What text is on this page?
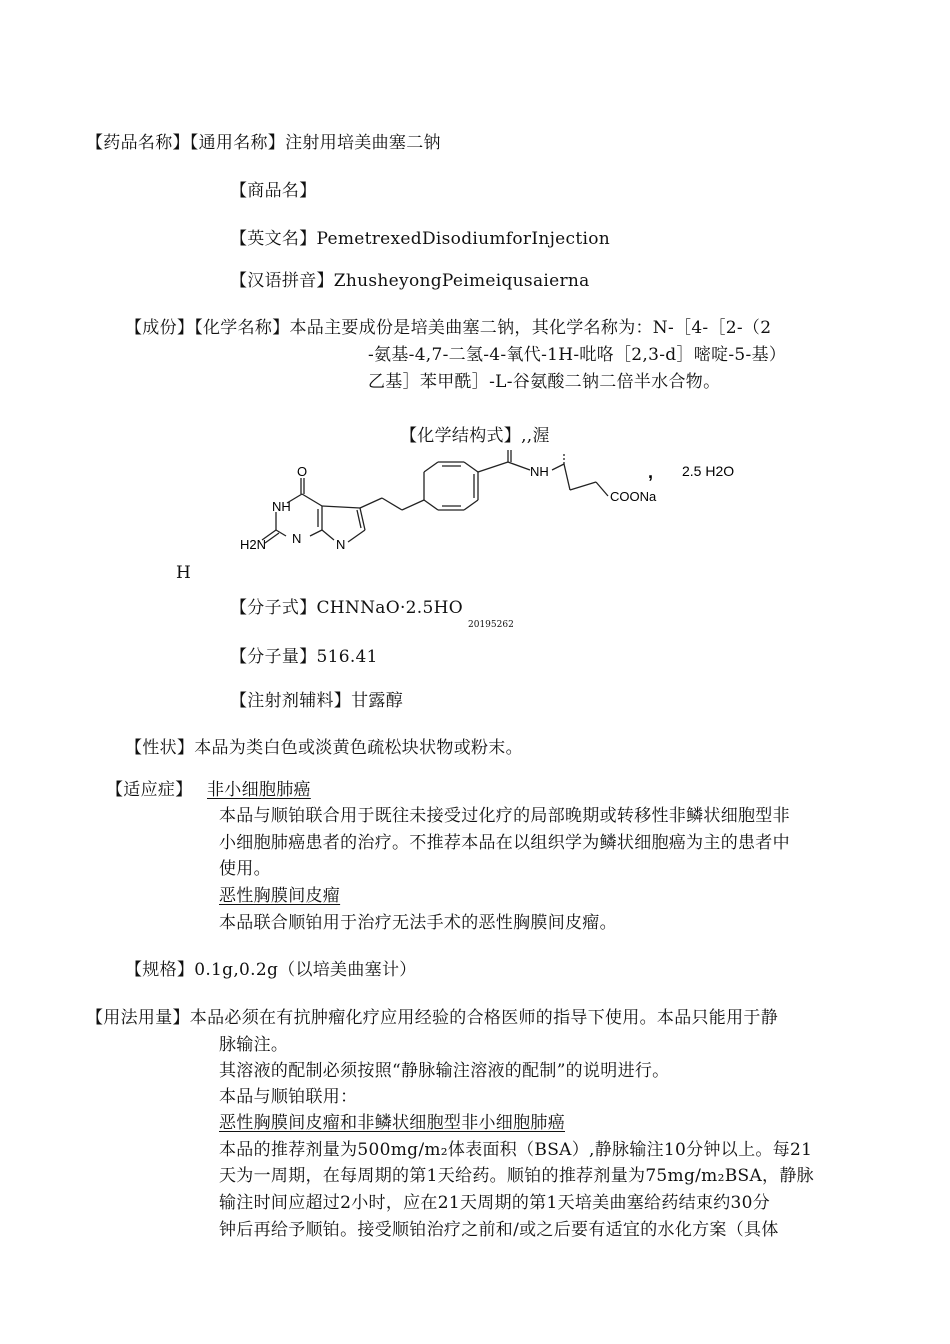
【药品名称】【通用名称】注射用培美曲塞二钠
【商品名】
【英文名】PemetrexedDisodiumforInjection
【汉语拼音】ZhusheyongPeimeiqusaierna
【成份】【化学名称】本品主要成份是培美曲塞二钠，其化学名称为：N-［4-［2-（2
-氨基-4,7-二氢-4-氧代-1H-吡咯［2,3-d］嘧啶-5-基）
乙基］苯甲酰］-L-谷氨酸二钠二倍半水合物。
【化学结构式】,,渥
O
NH
H2N N	N
NH
COONa
, 2.5 H2O
H
【分子式】CHNNaO·2.5HO
20195262
【分子量】516.41
【注射剂辅料】甘露醇
【性状】本品为类白色或淡黄色疏松块状物或粉末。
【适应症】 非小细胞肺癌
本品与顺铂联合用于既往未接受过化疗的局部晚期或转移性非鳞状细胞型非
小细胞肺癌患者的治疗。不推荐本品在以组织学为鳞状细胞癌为主的患者中
使用。
恶性胸膜间皮瘤
本品联合顺铂用于治疗无法手术的恶性胸膜间皮瘤。
【规格】0.1g,0.2g（以培美曲塞计）
【用法用量】本品必须在有抗肿瘤化疗应用经验的合格医师的指导下使用。本品只能用于静
脉输注。
其溶液的配制必须按照“静脉输注溶液的配制”的说明进行。
本品与顺铂联用：
恶性胸膜间皮瘤和非鳞状细胞型非小细胞肺癌
本品的推荐剂量为500mg/m₂体表面积（BSA）,静脉输注10分钟以上。每21
天为一周期，在每周期的第1天给药。顺铂的推荐剂量为75mg/m₂BSA，静脉
输注时间应超过2小时，应在21天周期的第1天培美曲塞给药结束约30分
钟后再给予顺铂。接受顺铂治疗之前和/或之后要有适宜的水化方案（具体
